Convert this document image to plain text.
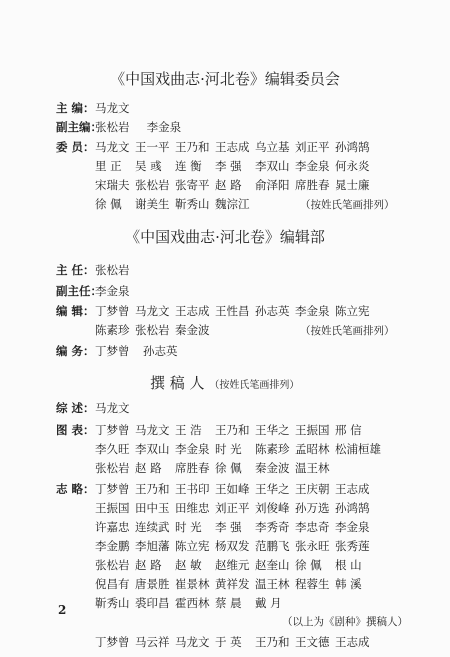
《中国戏曲志·河北卷》编辑委员会
主 编： 马龙文
副主编：
张松岩 李金泉
委 员： 马龙文 王一平 王乃和 王志成 乌立基 刘正平 孙鸿鹄
里 正 吴 彧 连 衡 李 强 李双山 李金泉 何永炎
宋瑞夫 张松岩 张寄平 赵 路 俞泽阳 席胜春 晁士廉
徐 佩 谢美生 靳秀山 魏淙江	（按姓氏笔画排列）
《中国戏曲志·河北卷》编辑部
主 任： 张松岩
副主任：
李金泉
编 辑： 丁梦曾 马龙文 王志成 王性昌 孙志英 李金泉 陈立宪
陈素珍 张松岩 秦金波	（按姓氏笔画排列）
编 务： 丁梦曾 孙志英
撰 稿 人 （按姓氏笔画排列）
综 述： 马龙文
图 表： 丁梦曾 马龙文 王 浩 王乃和 王华之 王振国 邢 信
李久旺 李双山 李金泉 时 光 陈素珍 孟昭林 松浦桓雄
张松岩 赵 路 席胜春 徐 佩 秦金波 温王林
志 略： 丁梦曾 王乃和 王书印 王如峰 王华之 王庆朝 王志成
王振国 田中玉 田维忠 刘正平 刘俊峰 孙万选 孙鸿鹄
许嘉忠 连续武 时 光 李 强 李秀奇 李忠奇 李金泉
李金鹏 李旭藩 陈立宪 杨双发 范鹏飞 张永旺 张秀莲
张松岩 赵 路 赵 敏 赵维元 赵奎山 徐 佩 根 山
倪昌有 唐景胜 崔景林 黄祥发 温王林 程蓉生 韩 溪
靳秀山 裘印昌 霍西林 蔡 晨 戴 月
（以上为《剧种》撰稿人）
丁梦曾 马云祥 马龙文 于 英 王乃和 王文德 王志成
2
